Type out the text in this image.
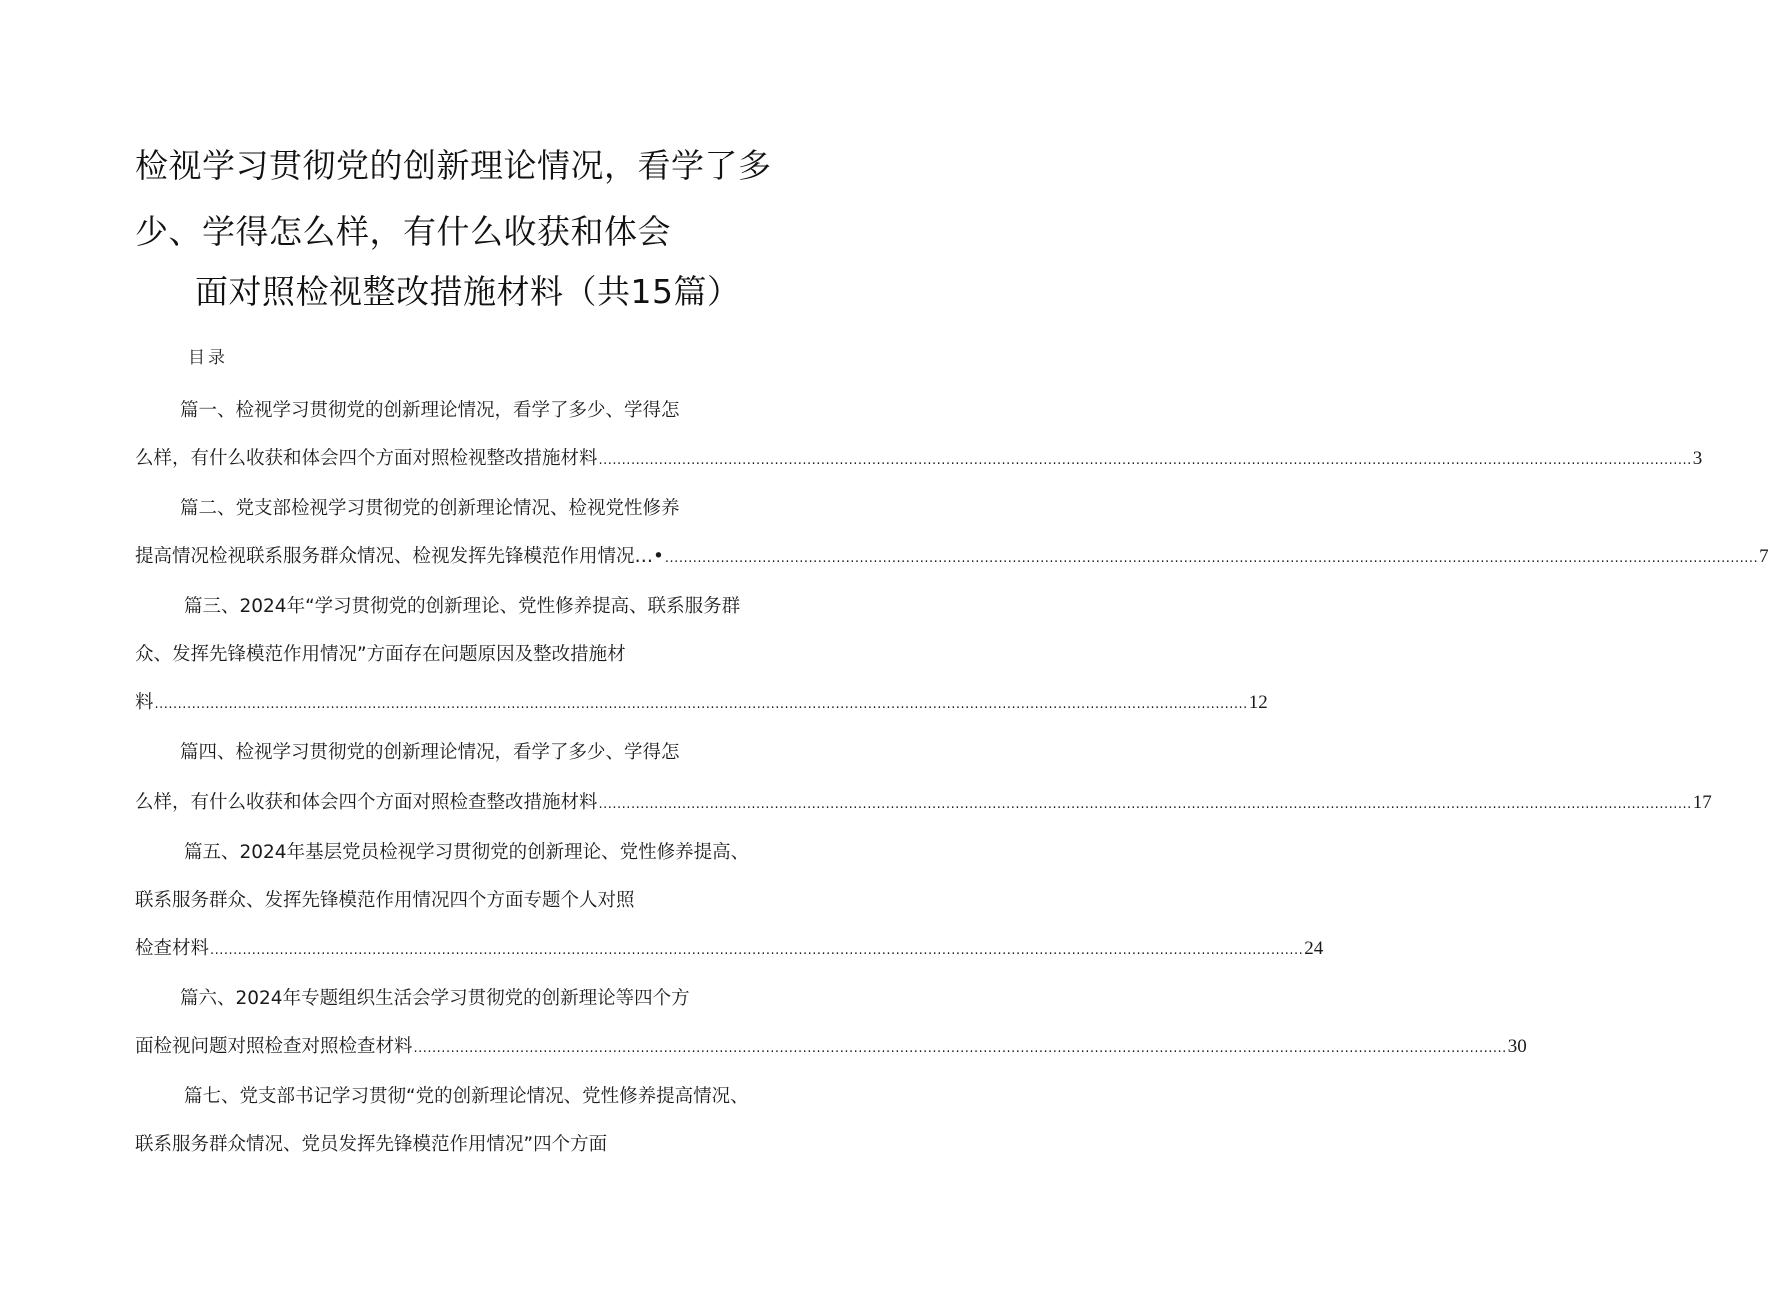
检视学习贯彻党的创新理论情况，看学了多
少、学得怎么样，有什么收获和体会
面对照检视整改措施材料（共15篇）
目录
篇一、检视学习贯彻党的创新理论情况，看学了多少、学得怎
么样，有什么收获和体会四个方面对照检视整改措施材料 ............................................................................................................................................................................................................................................ 3
篇二、党支部检视学习贯彻党的创新理论情况、检视党性修养
提高情况检视联系服务群众情况、检视发挥先锋模范作用情况…• ............................................................................................................................................................................................................................................ 7
篇三、2024年“学习贯彻党的创新理论、党性修养提高、联系服务群
众、发挥先锋模范作用情况”方面存在问题原因及整改措施材
料 ............................................................................................................................................................................................................................................ 12
篇四、检视学习贯彻党的创新理论情况，看学了多少、学得怎
么样，有什么收获和体会四个方面对照检查整改措施材料 ............................................................................................................................................................................................................................................ 17
篇五、2024年基层党员检视学习贯彻党的创新理论、党性修养提高、
联系服务群众、发挥先锋模范作用情况四个方面专题个人对照
检查材料 ............................................................................................................................................................................................................................................ 24
篇六、2024年专题组织生活会学习贯彻党的创新理论等四个方
面检视问题对照检查对照检查材料 ............................................................................................................................................................................................................................................ 30
篇七、党支部书记学习贯彻“党的创新理论情况、党性修养提高情况、
联系服务群众情况、党员发挥先锋模范作用情况”四个方面
